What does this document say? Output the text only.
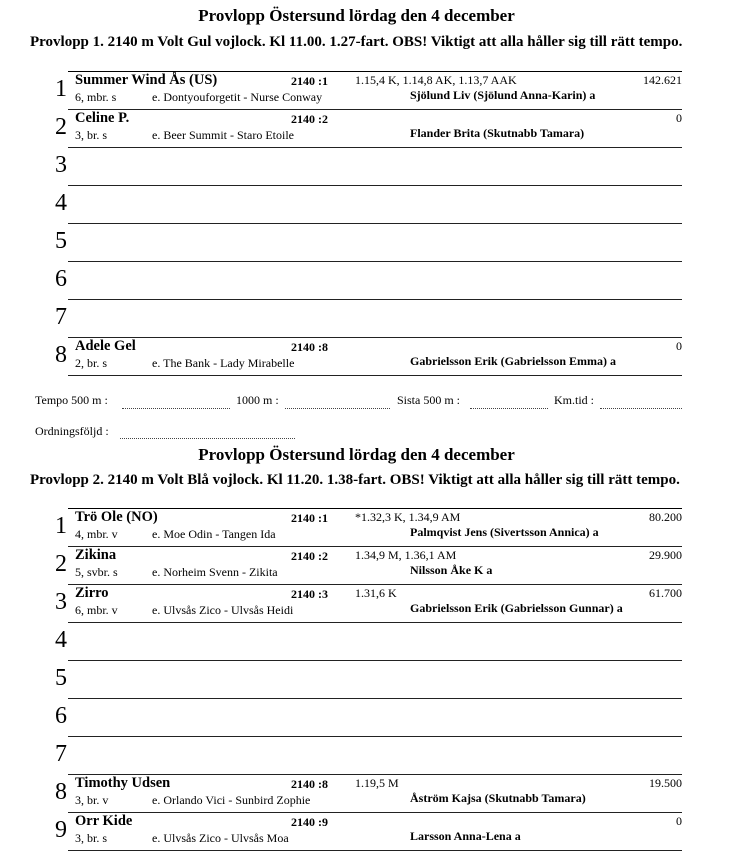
Provlopp Östersund lördag den 4 december
Provlopp 1. 2140 m Volt Gul vojlock. Kl 11.00. 1.27-fart. OBS! Viktigt att alla håller sig till rätt tempo.
1 Summer Wind Ås (US)	2140 :1 1.15,4 K, 1.14,8 AK, 1.13,7 AAK	142.621
6, mbr. s	e. Dontyouforgetit - Nurse Conway	Sjölund Liv (Sjölund Anna-Karin) a
2 Celine P.	2140 :2	0
3, br. s	e. Beer Summit - Staro Etoile	Flander Brita (Skutnabb Tamara)
3
4
5
6
7
8 Adele Gel	2140 :8	0
2, br. s	e. The Bank - Lady Mirabelle	Gabrielsson Erik (Gabrielsson Emma) a
Tempo 500 m :	1000 m :	Sista 500 m :	Km.tid :
Ordningsföljd :
Provlopp Östersund lördag den 4 december
Provlopp 2. 2140 m Volt Blå vojlock. Kl 11.20. 1.38-fart. OBS! Viktigt att alla håller sig till rätt tempo.
1 Trö Ole (NO)	2140 :1 *1.32,3 K, 1.34,9 AM	80.200
4, mbr. v	e. Moe Odin - Tangen Ida	Palmqvist Jens (Sivertsson Annica) a
2 Zikina	2140 :2 1.34,9 M, 1.36,1 AM	29.900
5, svbr. s	e. Norheim Svenn - Zikita	Nilsson Åke K a
3 Zirro	2140 :3 1.31,6 K	61.700
6, mbr. v	e. Ulvsås Zico - Ulvsås Heidi	Gabrielsson Erik (Gabrielsson Gunnar) a
4
5
6
7
8 Timothy Udsen	2140 :8 1.19,5 M	19.500
3, br. v	e. Orlando Vici - Sunbird Zophie	Åström Kajsa (Skutnabb Tamara)
9 Orr Kide	2140 :9	0
3, br. s	e. Ulvsås Zico - Ulvsås Moa	Larsson Anna-Lena a
